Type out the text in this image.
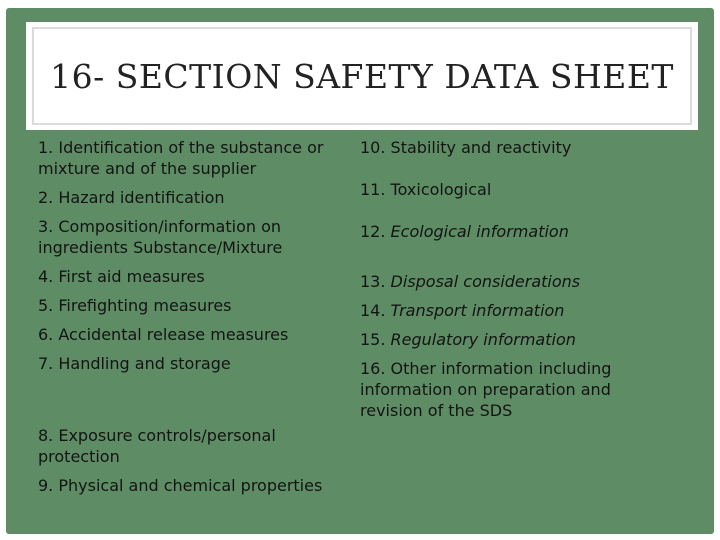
16- SECTION SAFETY DATA SHEET
1. Identification of the substance or mixture and of the supplier
2. Hazard identification
3. Composition/information on ingredients Substance/Mixture
4. First aid measures
5. Firefighting measures
6. Accidental release measures
7. Handling and storage
8. Exposure controls/personal protection
9. Physical and chemical properties
10. Stability and reactivity
11. Toxicological
12. Ecological information
13. Disposal considerations
14. Transport information
15. Regulatory information
16. Other information including information on preparation and revision of the SDS
